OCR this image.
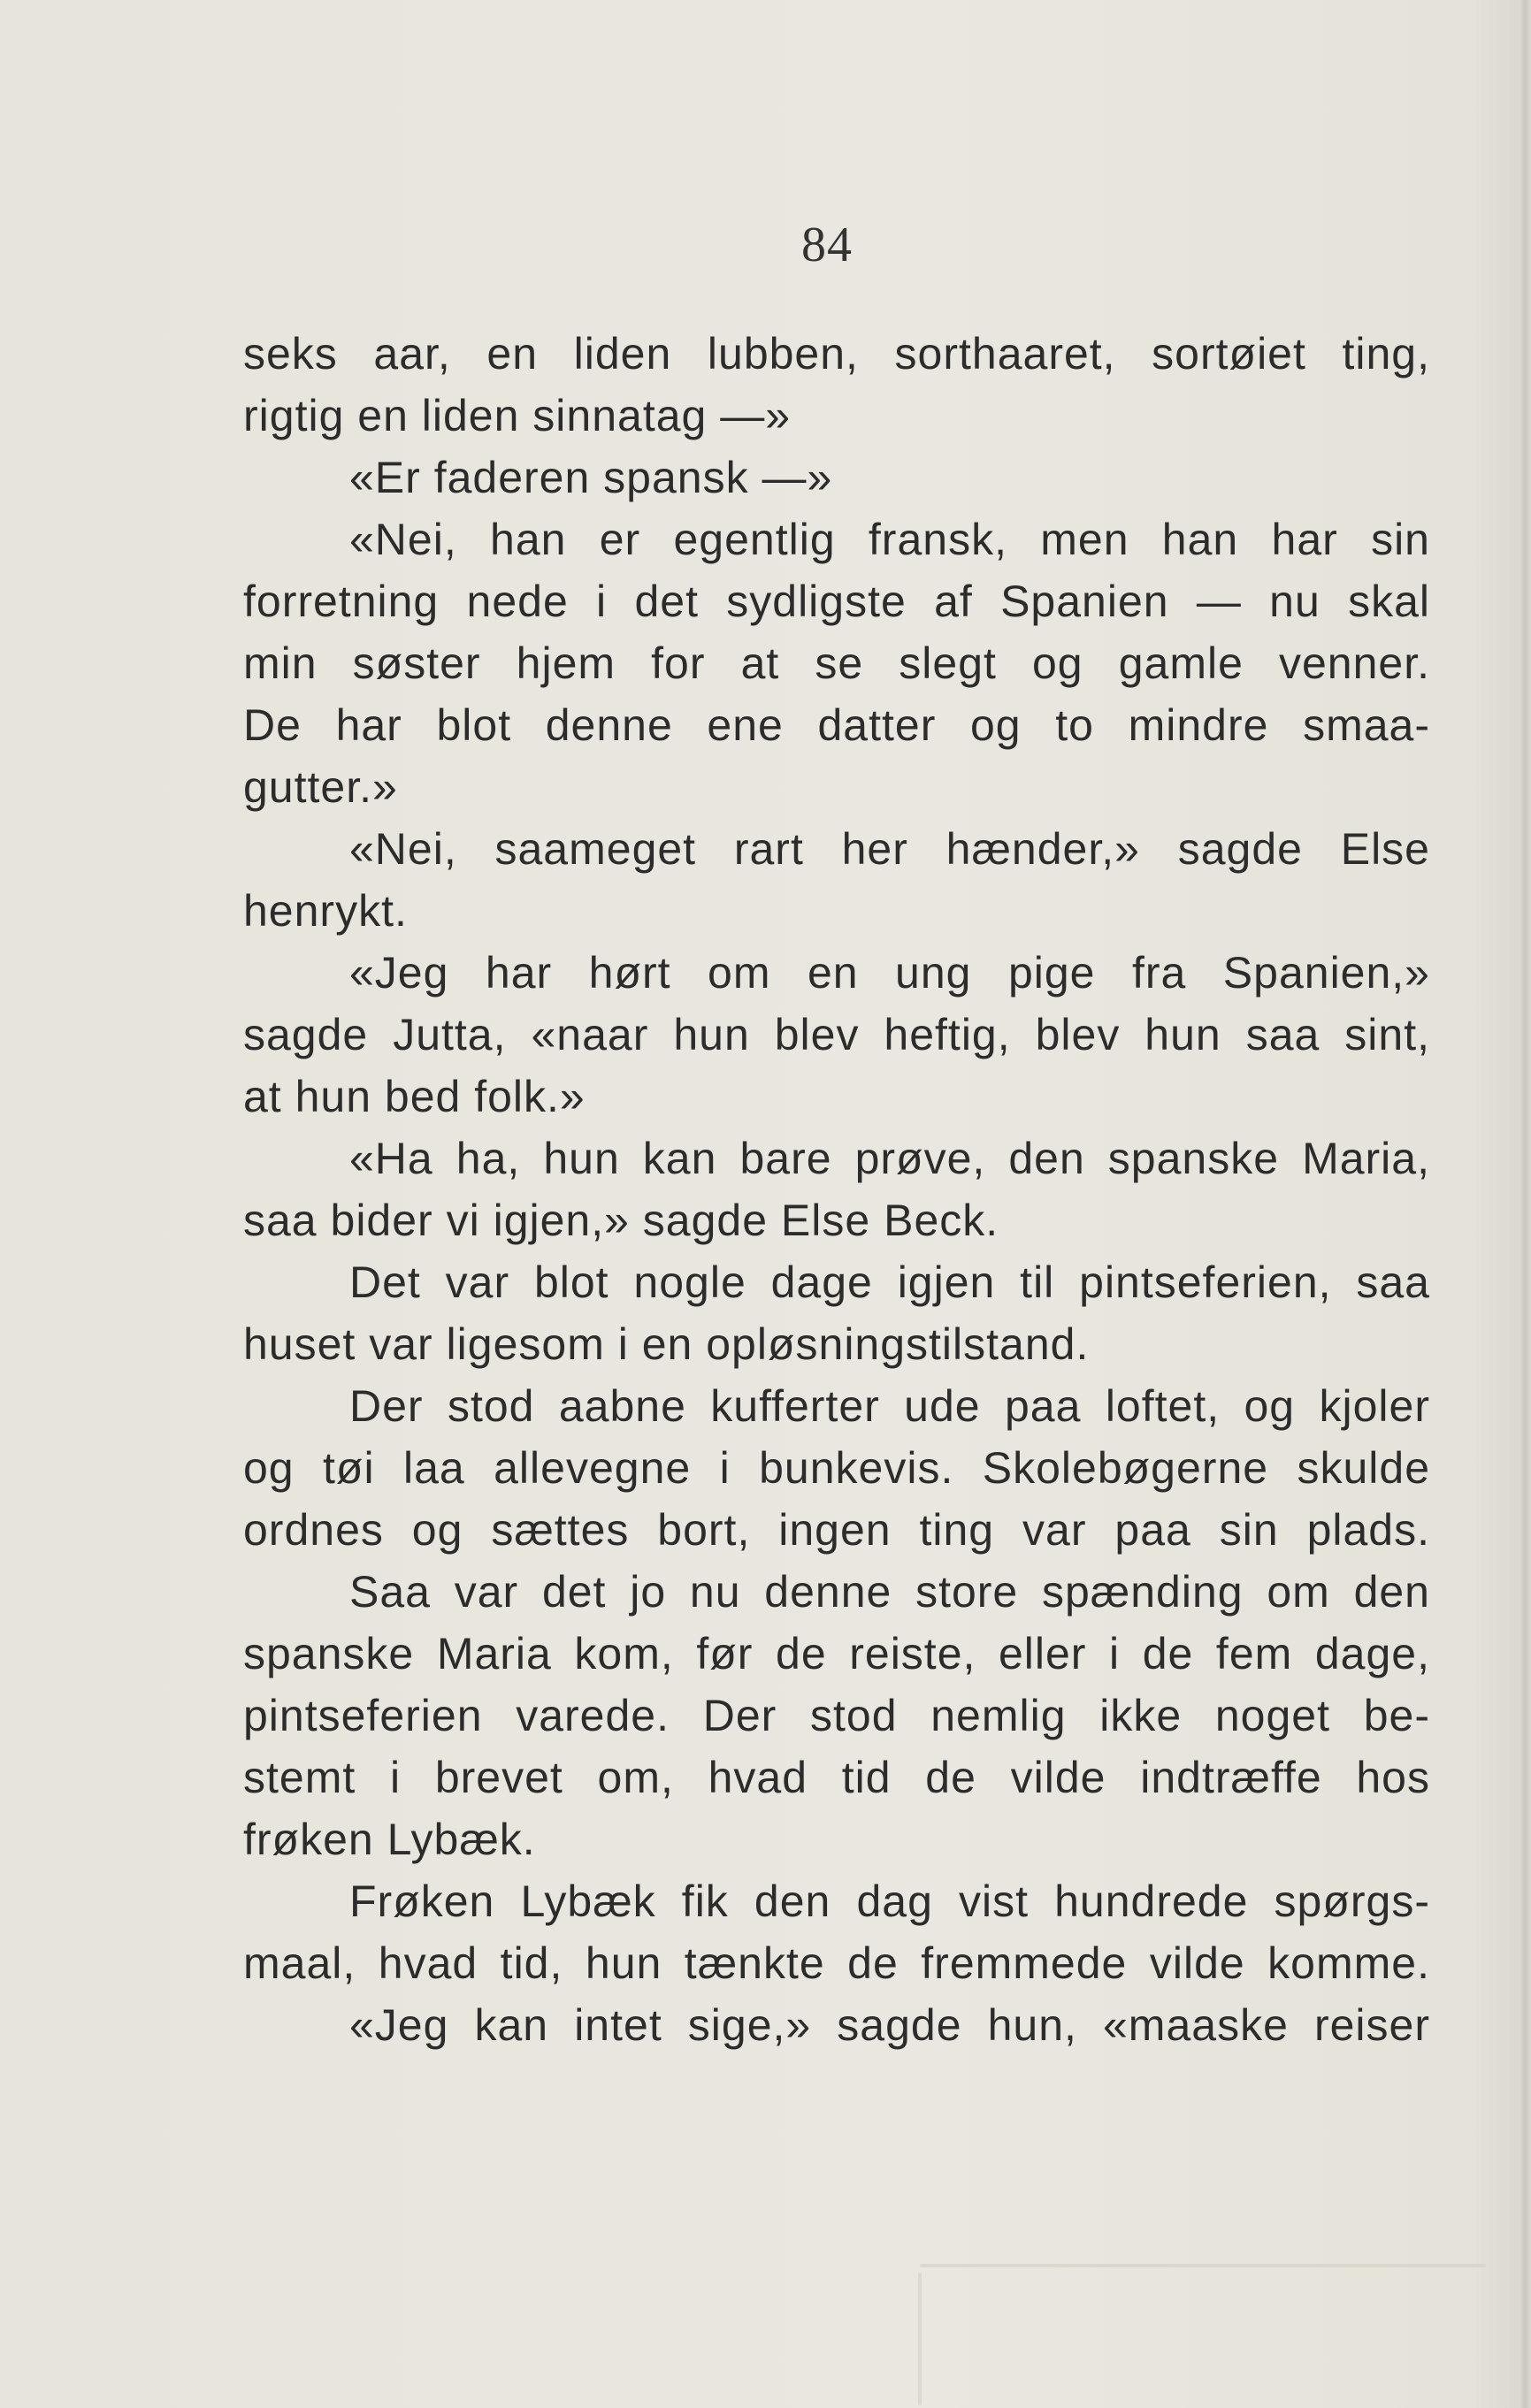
84
seks aar, en liden lubben, sorthaaret, sortøiet ting,
rigtig en liden sinnatag —»
«Er faderen spansk —»
«Nei, han er egentlig fransk, men han har sin
forretning nede i det sydligste af Spanien — nu skal
min søster hjem for at se slegt og gamle venner.
De har blot denne ene datter og to mindre smaa-
gutter.»
«Nei, saameget rart her hænder,» sagde Else
henrykt.
«Jeg har hørt om en ung pige fra Spanien,»
sagde Jutta, «naar hun blev heftig, blev hun saa sint,
at hun bed folk.»
«Ha ha, hun kan bare prøve, den spanske Maria,
saa bider vi igjen,» sagde Else Beck.
Det var blot nogle dage igjen til pintseferien, saa
huset var ligesom i en opløsningstilstand.
Der stod aabne kufferter ude paa loftet, og kjoler
og tøi laa allevegne i bunkevis. Skolebøgerne skulde
ordnes og sættes bort, ingen ting var paa sin plads.
Saa var det jo nu denne store spænding om den
spanske Maria kom, før de reiste, eller i de fem dage,
pintseferien varede. Der stod nemlig ikke noget be-
stemt i brevet om, hvad tid de vilde indtræffe hos
frøken Lybæk.
Frøken Lybæk fik den dag vist hundrede spørgs-
maal, hvad tid, hun tænkte de fremmede vilde komme.
«Jeg kan intet sige,» sagde hun, «maaske reiser
